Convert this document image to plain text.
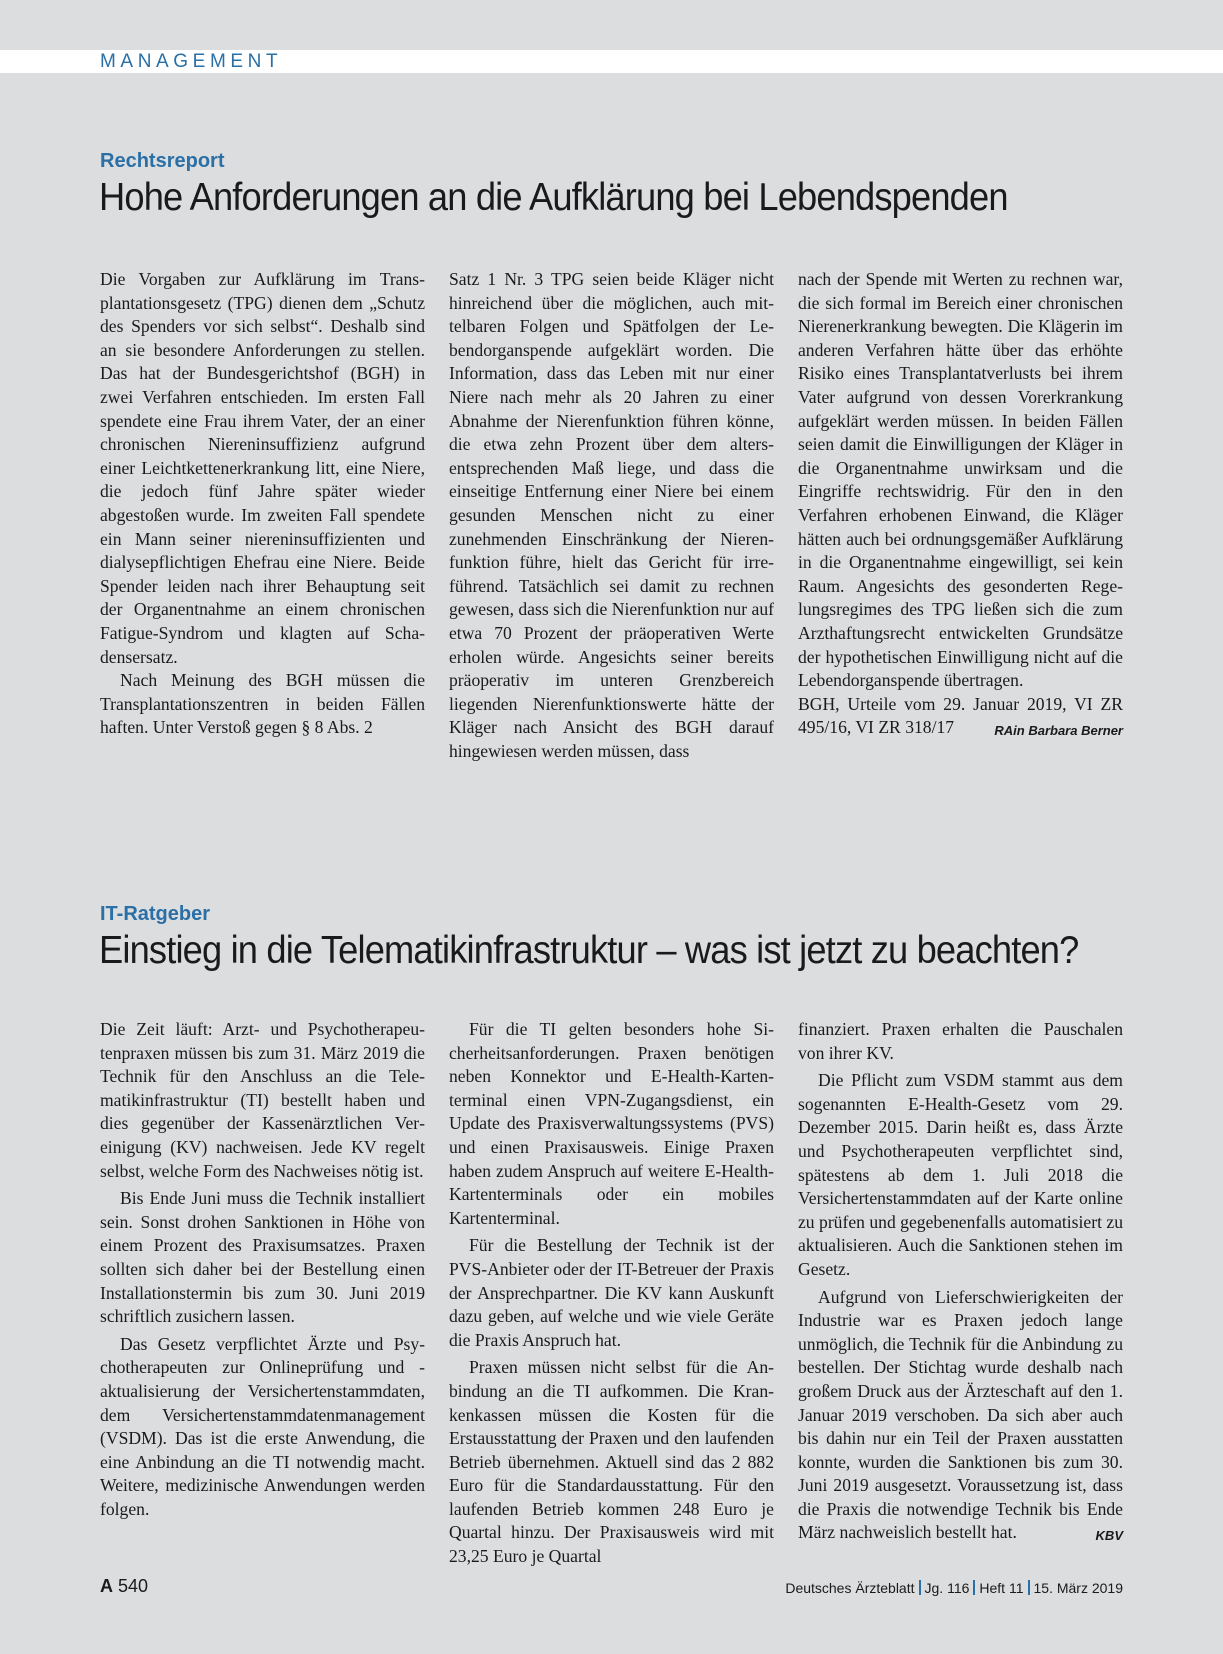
MANAGEMENT
Rechtsreport
Hohe Anforderungen an die Aufklärung bei Lebendspenden

Die Vorgaben zur Aufklärung im Transplantationsgesetz (TPG) dienen dem „Schutz des Spenders vor sich selbst“. Deshalb sind an sie besondere Anforderungen zu stellen. Das hat der Bundesgerichtshof (BGH) in zwei Verfahren entschieden. Im ersten Fall spendete eine Frau ihrem Vater, der an einer chronischen Niereninsuffizienz aufgrund einer Leichtkettenerkrankung litt, eine Niere, die jedoch fünf Jahre später wieder abgestoßen wurde. Im zweiten Fall spendete ein Mann seiner niereninsuffizienten und dialysepflichtigen Ehefrau eine Niere. Beide Spender leiden nach ihrer Behauptung seit der Organentnahme an einem chronischen Fatigue-Syndrom und klagten auf Schadensersatz.

Nach Meinung des BGH müssen die Transplantationszentren in beiden Fällen haften. Unter Verstoß gegen § 8 Abs. 2

Satz 1 Nr. 3 TPG seien beide Kläger nicht hinreichend über die möglichen, auch mittelbaren Folgen und Spätfolgen der Lebendorganspende aufgeklärt worden. Die Information, dass das Leben mit nur einer Niere nach mehr als 20 Jahren zu einer Abnahme der Nierenfunktion führen könne, die etwa zehn Prozent über dem altersentsprechenden Maß liege, und dass die einseitige Entfernung einer Niere bei einem gesunden Menschen nicht zu einer zunehmenden Einschränkung der Nierenfunktion führe, hielt das Gericht für irreführend. Tatsächlich sei damit zu rechnen gewesen, dass sich die Nierenfunktion nur auf etwa 70 Prozent der präoperativen Werte erholen würde. Angesichts seiner bereits präoperativ im unteren Grenzbereich liegenden Nierenfunktionswerte hätte der Kläger nach Ansicht des BGH darauf hingewiesen werden müssen, dass

nach der Spende mit Werten zu rechnen war, die sich formal im Bereich einer chronischen Nierenerkrankung bewegten. Die Klägerin im anderen Verfahren hätte über das erhöhte Risiko eines Transplantatverlusts bei ihrem Vater aufgrund von dessen Vorerkrankung aufgeklärt werden müssen. In beiden Fällen seien damit die Einwilligungen der Kläger in die Organentnahme unwirksam und die Eingriffe rechtswidrig. Für den in den Verfahren erhobenen Einwand, die Kläger hätten auch bei ordnungsgemäßer Aufklärung in die Organentnahme eingewilligt, sei kein Raum. Angesichts des gesonderten Regelungsregimes des TPG ließen sich die zum Arzthaftungsrecht entwickelten Grundsätze der hypothetischen Einwilligung nicht auf die Lebendorganspende übertragen.

BGH, Urteile vom 29. Januar 2019, VI ZR 495/16, VI ZR 318/17	RAin Barbara Berner

IT-Ratgeber
Einstieg in die Telematikinfrastruktur – was ist jetzt zu beachten?

Die Zeit läuft: Arzt- und Psychotherapeutenpraxen müssen bis zum 31. März 2019 die Technik für den Anschluss an die Telematikinfrastruktur (TI) bestellt haben und dies gegenüber der Kassenärztlichen Vereinigung (KV) nachweisen. Jede KV regelt selbst, welche Form des Nachweises nötig ist.

Bis Ende Juni muss die Technik installiert sein. Sonst drohen Sanktionen in Höhe von einem Prozent des Praxisumsatzes. Praxen sollten sich daher bei der Bestellung einen Installationstermin bis zum 30. Juni 2019 schriftlich zusichern lassen.

Das Gesetz verpflichtet Ärzte und Psychotherapeuten zur Onlineprüfung und -aktualisierung der Versichertenstammdaten, dem Versichertenstammdatenmanagement (VSDM). Das ist die erste Anwendung, die eine Anbindung an die TI notwendig macht. Weitere, medizinische Anwendungen werden folgen.

Für die TI gelten besonders hohe Sicherheitsanforderungen. Praxen benötigen neben Konnektor und E-Health-Kartenterminal einen VPN-Zugangsdienst, ein Update des Praxisverwaltungssystems (PVS) und einen Praxisausweis. Einige Praxen haben zudem Anspruch auf weitere E-Health-Kartenterminals oder ein mobiles Kartenterminal.

Für die Bestellung der Technik ist der PVS-Anbieter oder der IT-Betreuer der Praxis der Ansprechpartner. Die KV kann Auskunft dazu geben, auf welche und wie viele Geräte die Praxis Anspruch hat.

Praxen müssen nicht selbst für die Anbindung an die TI aufkommen. Die Krankenkassen müssen die Kosten für die Erstausstattung der Praxen und den laufenden Betrieb übernehmen. Aktuell sind das 2 882 Euro für die Standardausstattung. Für den laufenden Betrieb kommen 248 Euro je Quartal hinzu. Der Praxisausweis wird mit 23,25 Euro je Quartal

finanziert. Praxen erhalten die Pauschalen von ihrer KV.

Die Pflicht zum VSDM stammt aus dem sogenannten E-Health-Gesetz vom 29. Dezember 2015. Darin heißt es, dass Ärzte und Psychotherapeuten verpflichtet sind, spätestens ab dem 1. Juli 2018 die Versichertenstammdaten auf der Karte online zu prüfen und gegebenenfalls automatisiert zu aktualisieren. Auch die Sanktionen stehen im Gesetz.

Aufgrund von Lieferschwierigkeiten der Industrie war es Praxen jedoch lange unmöglich, die Technik für die Anbindung zu bestellen. Der Stichtag wurde deshalb nach großem Druck aus der Ärzteschaft auf den 1. Januar 2019 verschoben. Da sich aber auch bis dahin nur ein Teil der Praxen ausstatten konnte, wurden die Sanktionen bis zum 30. Juni 2019 ausgesetzt. Voraussetzung ist, dass die Praxis die notwendige Technik bis Ende März nachweislich bestellt hat.	KBV

A 540	Deutsches Ärzteblatt Jg. 116 Heft 11 15. März 2019
